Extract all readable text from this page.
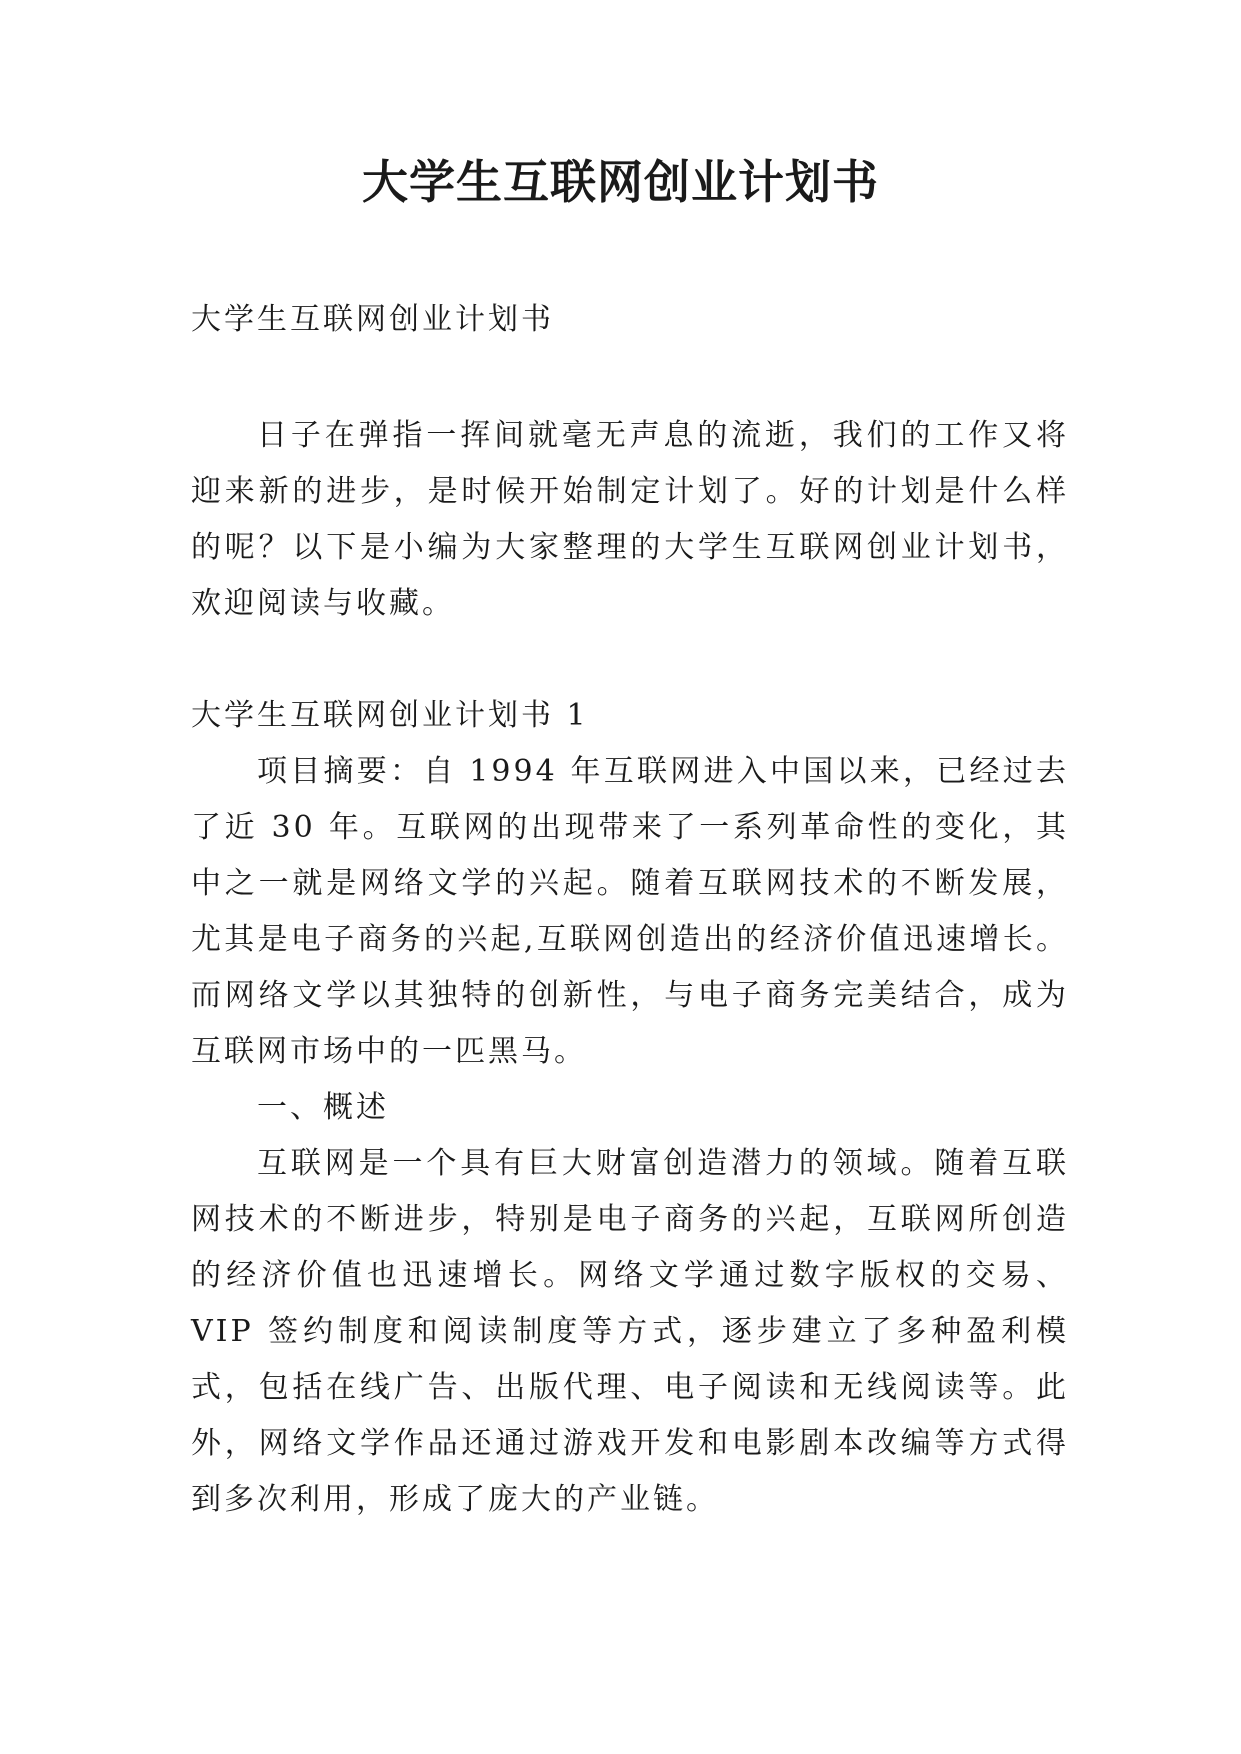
大学生互联网创业计划书

大学生互联网创业计划书

日子在弹指一挥间就毫无声息的流逝，我们的工作又将迎来新的进步，是时候开始制定计划了。好的计划是什么样的呢？以下是小编为大家整理的大学生互联网创业计划书，欢迎阅读与收藏。

大学生互联网创业计划书 1

项目摘要：自 1994 年互联网进入中国以来，已经过去了近 30 年。互联网的出现带来了一系列革命性的变化，其中之一就是网络文学的兴起。随着互联网技术的不断发展，尤其是电子商务的兴起,互联网创造出的经济价值迅速增长。而网络文学以其独特的创新性，与电子商务完美结合，成为互联网市场中的一匹黑马。

一、概述

互联网是一个具有巨大财富创造潜力的领域。随着互联网技术的不断进步，特别是电子商务的兴起，互联网所创造的经济价值也迅速增长。网络文学通过数字版权的交易、VIP 签约制度和阅读制度等方式，逐步建立了多种盈利模式，包括在线广告、出版代理、电子阅读和无线阅读等。此外，网络文学作品还通过游戏开发和电影剧本改编等方式得到多次利用，形成了庞大的产业链。
